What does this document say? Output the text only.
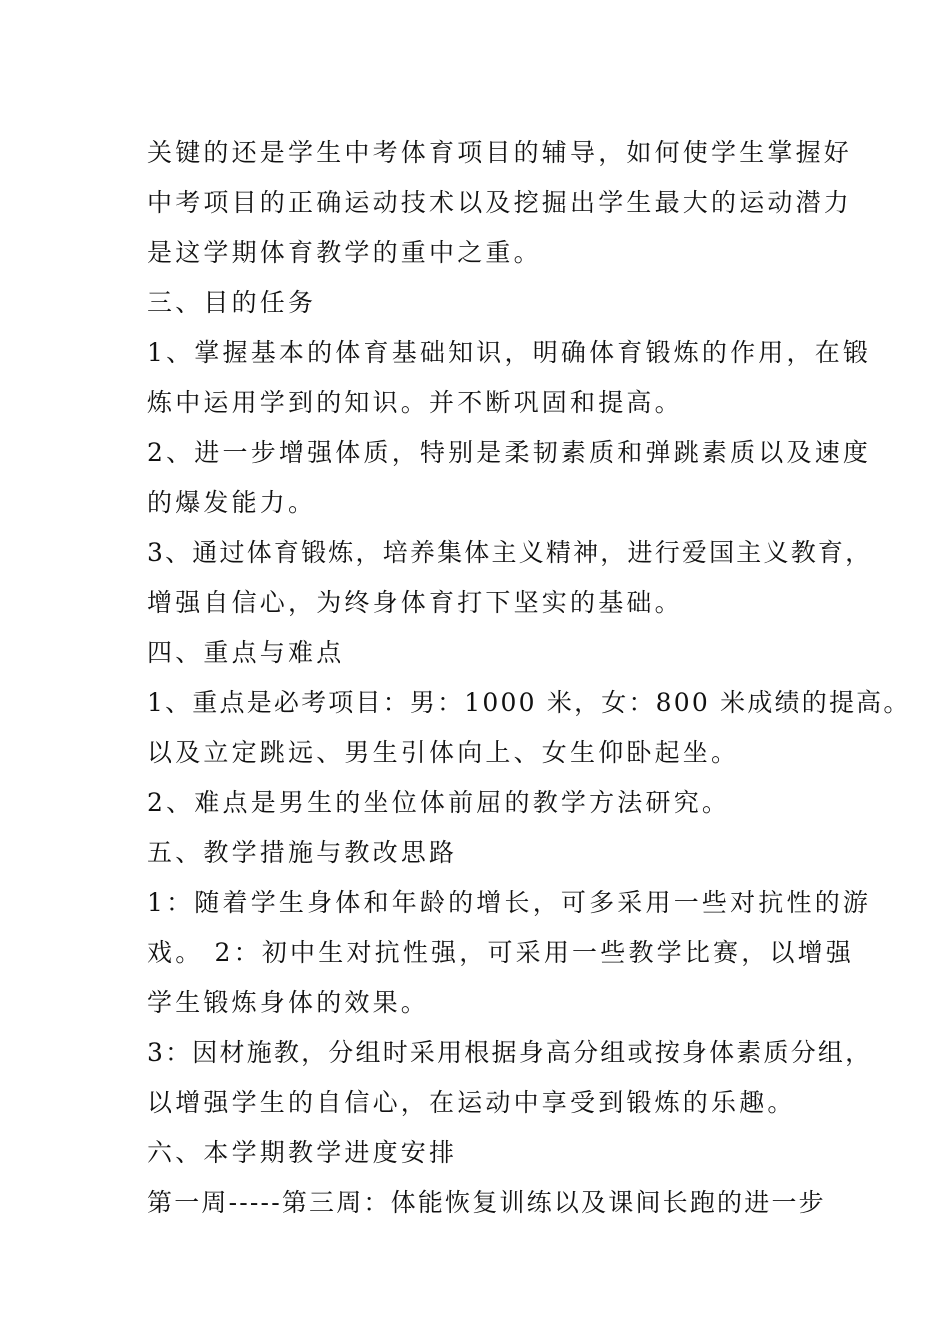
关键的还是学生中考体育项目的辅导，如何使学生掌握好
中考项目的正确运动技术以及挖掘出学生最大的运动潜力
是这学期体育教学的重中之重。
三、目的任务
1、掌握基本的体育基础知识，明确体育锻炼的作用，在锻
炼中运用学到的知识。并不断巩固和提高。
2、进一步增强体质，特别是柔韧素质和弹跳素质以及速度
的爆发能力。
3、通过体育锻炼，培养集体主义精神，进行爱国主义教育，
增强自信心，为终身体育打下坚实的基础。
四、重点与难点
1、重点是必考项目：男：1000 米，女：800 米成绩的提高。
以及立定跳远、男生引体向上、女生仰卧起坐。
2、难点是男生的坐位体前屈的教学方法研究。
五、教学措施与教改思路
1：随着学生身体和年龄的增长，可多采用一些对抗性的游
戏。 2：初中生对抗性强，可采用一些教学比赛，以增强
学生锻炼身体的效果。
3：因材施教，分组时采用根据身高分组或按身体素质分组，
以增强学生的自信心，在运动中享受到锻炼的乐趣。
六、本学期教学进度安排
第一周-----第三周：体能恢复训练以及课间长跑的进一步
